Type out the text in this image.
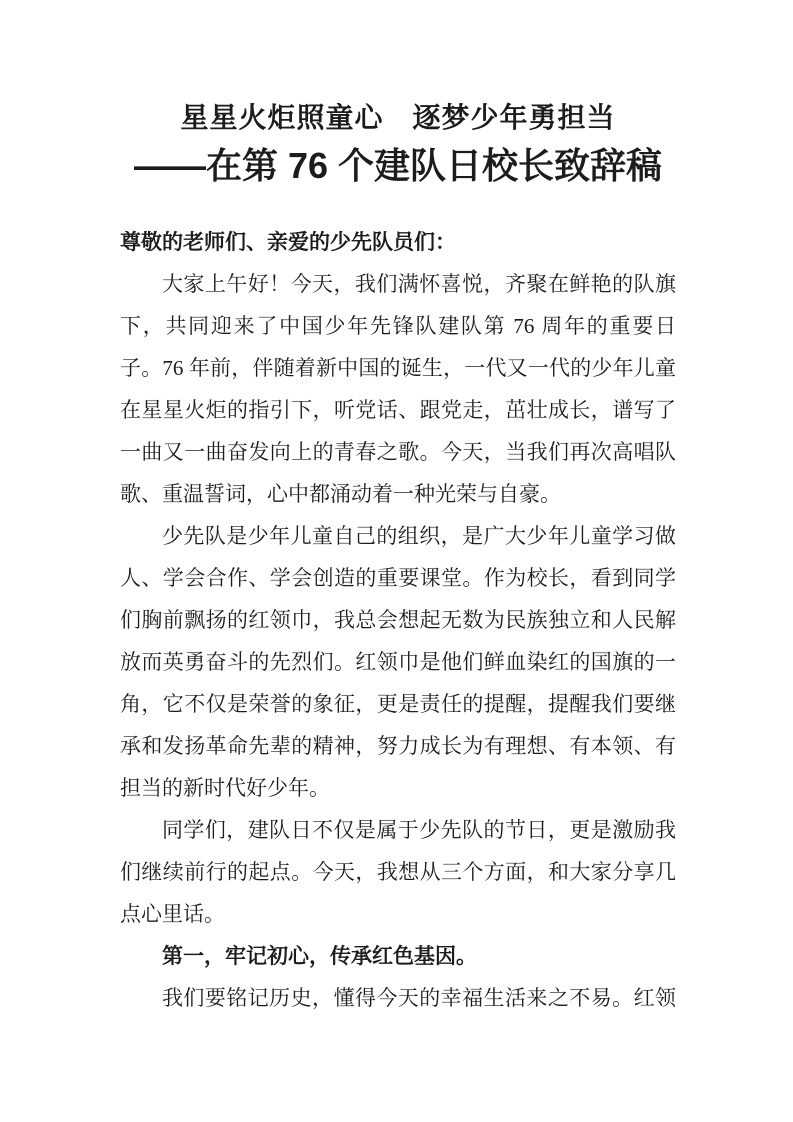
星星火炬照童心　逐梦少年勇担当
——在第 76 个建队日校长致辞稿

尊敬的老师们、亲爱的少先队员们：

大家上午好！今天，我们满怀喜悦，齐聚在鲜艳的队旗下，共同迎来了中国少年先锋队建队第 76 周年的重要日子。76 年前，伴随着新中国的诞生，一代又一代的少年儿童在星星火炬的指引下，听党话、跟党走，茁壮成长，谱写了一曲又一曲奋发向上的青春之歌。今天，当我们再次高唱队歌、重温誓词，心中都涌动着一种光荣与自豪。

少先队是少年儿童自己的组织，是广大少年儿童学习做人、学会合作、学会创造的重要课堂。作为校长，看到同学们胸前飘扬的红领巾，我总会想起无数为民族独立和人民解放而英勇奋斗的先烈们。红领巾是他们鲜血染红的国旗的一角，它不仅是荣誉的象征，更是责任的提醒，提醒我们要继承和发扬革命先辈的精神，努力成长为有理想、有本领、有担当的新时代好少年。

同学们，建队日不仅是属于少先队的节日，更是激励我们继续前行的起点。今天，我想从三个方面，和大家分享几点心里话。

第一，牢记初心，传承红色基因。

我们要铭记历史，懂得今天的幸福生活来之不易。红领
